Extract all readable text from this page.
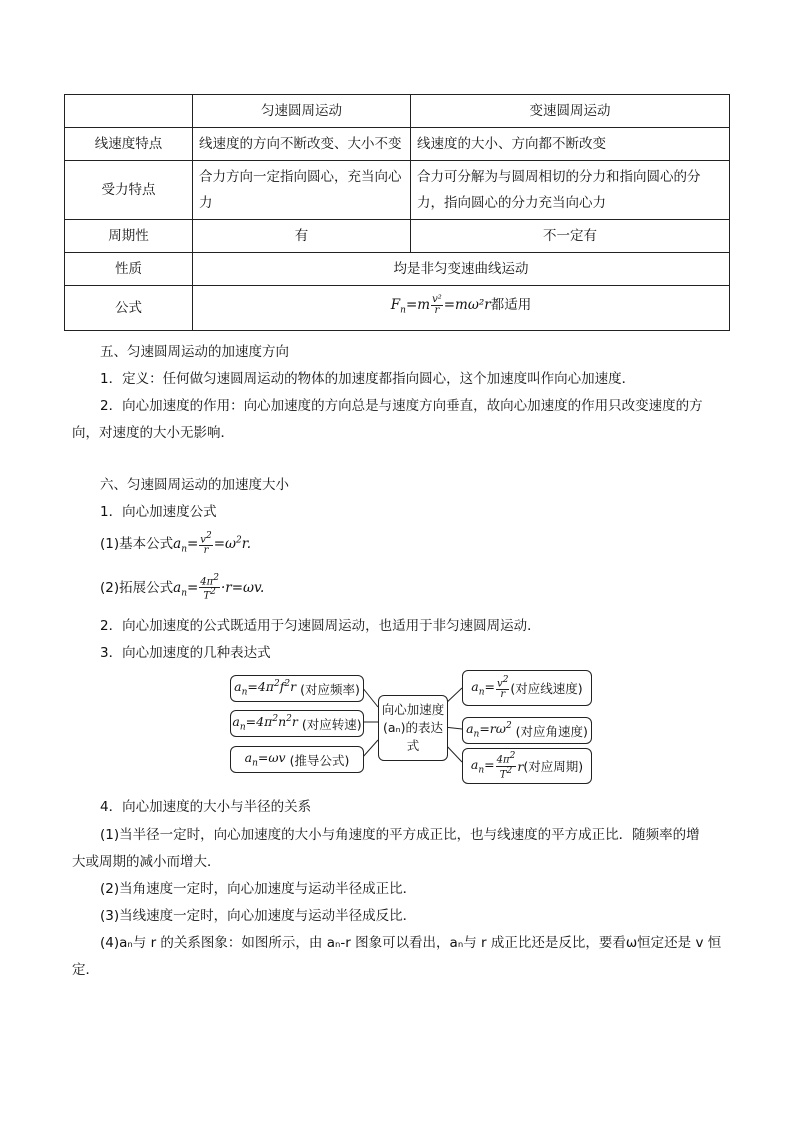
	匀速圆周运动	变速圆周运动
线速度特点	线速度的方向不断改变、大小不变	线速度的大小、方向都不断改变
受力特点	合力方向一定指向圆心，充当向心力	合力可分解为与圆周相切的分力和指向圆心的分力，指向圆心的分力充当向心力
周期性	有	不一定有
性质	均是非匀变速曲线运动	
公式	$F_n=m \frac{\text{v²}}{r} =m\omega^2r$都适用	
五、匀速圆周运动的加速度方向
1．定义：任何做匀速圆周运动的物体的加速度都指向圆心，这个加速度叫作向心加速度．
2．向心加速度的作用：向心加速度的方向总是与速度方向垂直，故向心加速度的作用只改变速度的方
向，对速度的大小无影响．
六、匀速圆周运动的加速度大小
1．向心加速度公式
(1)基本公式$a_n= \frac{v^2}{r} =\omega^2r$.
(2)拓展公式$a_n= \frac{4\pi^2}{T^2} \cdot r=\omega v$.
2．向心加速度的公式既适用于匀速圆周运动，也适用于非匀速圆周运动．
3．向心加速度的几种表达式
向心加速度(aₙ)的表达式
$a_n=4\pi^2f^2r$ (对应频率)
$a_n=4\pi^2n^2r$ (对应转速)
$a_n=\omega v$ (推导公式)
$a_n= \frac{v^2}{r}$ (对应线速度)
$a_n=r\omega^2$ (对应角速度)
$a_n= \frac{4\pi^2}{T^2}$ r (对应周期)
4．向心加速度的大小与半径的关系
(1)当半径一定时，向心加速度的大小与角速度的平方成正比，也与线速度的平方成正比．随频率的增
大或周期的减小而增大．
(2)当角速度一定时，向心加速度与运动半径成正比．
(3)当线速度一定时，向心加速度与运动半径成反比．
(4)aₙ与 r 的关系图象：如图所示，由 aₙ-r 图象可以看出，aₙ与 r 成正比还是反比，要看ω恒定还是 v 恒
定．
